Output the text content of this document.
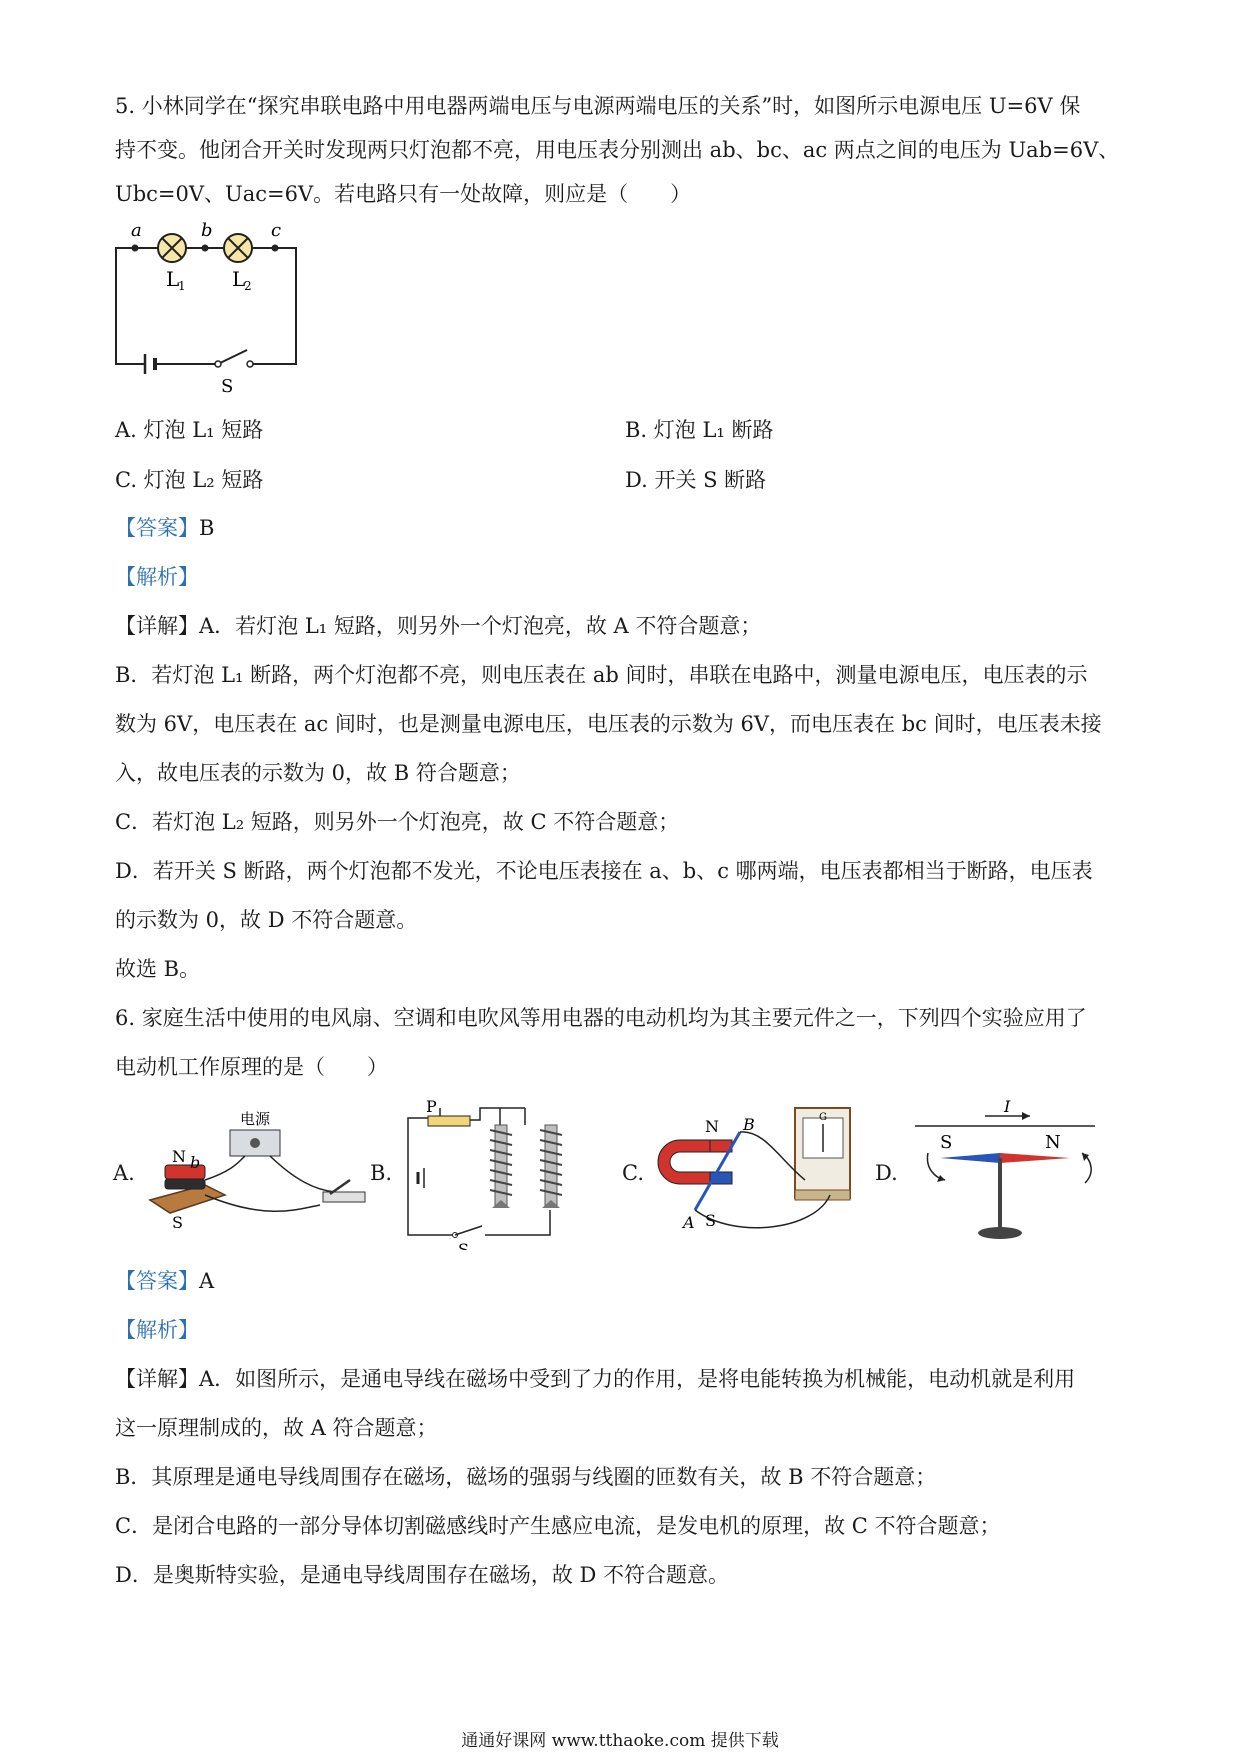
5. 小林同学在“探究串联电路中用电器两端电压与电源两端电压的关系”时，如图所示电源电压 U=6V 保
持不变。他闭合开关时发现两只灯泡都不亮，用电压表分别测出 ab、bc、ac 两点之间的电压为 Uab=6V、
Ubc=0V、Uac=6V。若电路只有一处故障，则应是（　　）
a	b	c
L
1 L
2
S
A. 灯泡 L₁ 短路	B. 灯泡 L₁ 断路
C. 灯泡 L₂ 短路	D. 开关 S 断路
【答案】B
【解析】
【详解】A．若灯泡 L₁ 短路，则另外一个灯泡亮，故 A 不符合题意；
B．若灯泡 L₁ 断路，两个灯泡都不亮，则电压表在 ab 间时，串联在电路中，测量电源电压，电压表的示
数为 6V，电压表在 ac 间时，也是测量电源电压，电压表的示数为 6V，而电压表在 bc 间时，电压表未接
入，故电压表的示数为 0，故 B 符合题意；
C．若灯泡 L₂ 短路，则另外一个灯泡亮，故 C 不符合题意；
D．若开关 S 断路，两个灯泡都不发光，不论电压表接在 a、b、c 哪两端，电压表都相当于断路，电压表
的示数为 0，故 D 不符合题意。
故选 B。
6. 家庭生活中使用的电风扇、空调和电吹风等用电器的电动机均为其主要元件之一，下列四个实验应用了
电动机工作原理的是（　　）
A.
电源
N b
S
B.
P
S
C.
N B
A S
G
D.
I
S	N
【答案】A
【解析】
【详解】A．如图所示，是通电导线在磁场中受到了力的作用，是将电能转换为机械能，电动机就是利用
这一原理制成的，故 A 符合题意；
B．其原理是通电导线周围存在磁场，磁场的强弱与线圈的匝数有关，故 B 不符合题意；
C．是闭合电路的一部分导体切割磁感线时产生感应电流，是发电机的原理，故 C 不符合题意；
D．是奥斯特实验，是通电导线周围存在磁场，故 D 不符合题意。
通通好课网 www.tthaoke.com 提供下载
